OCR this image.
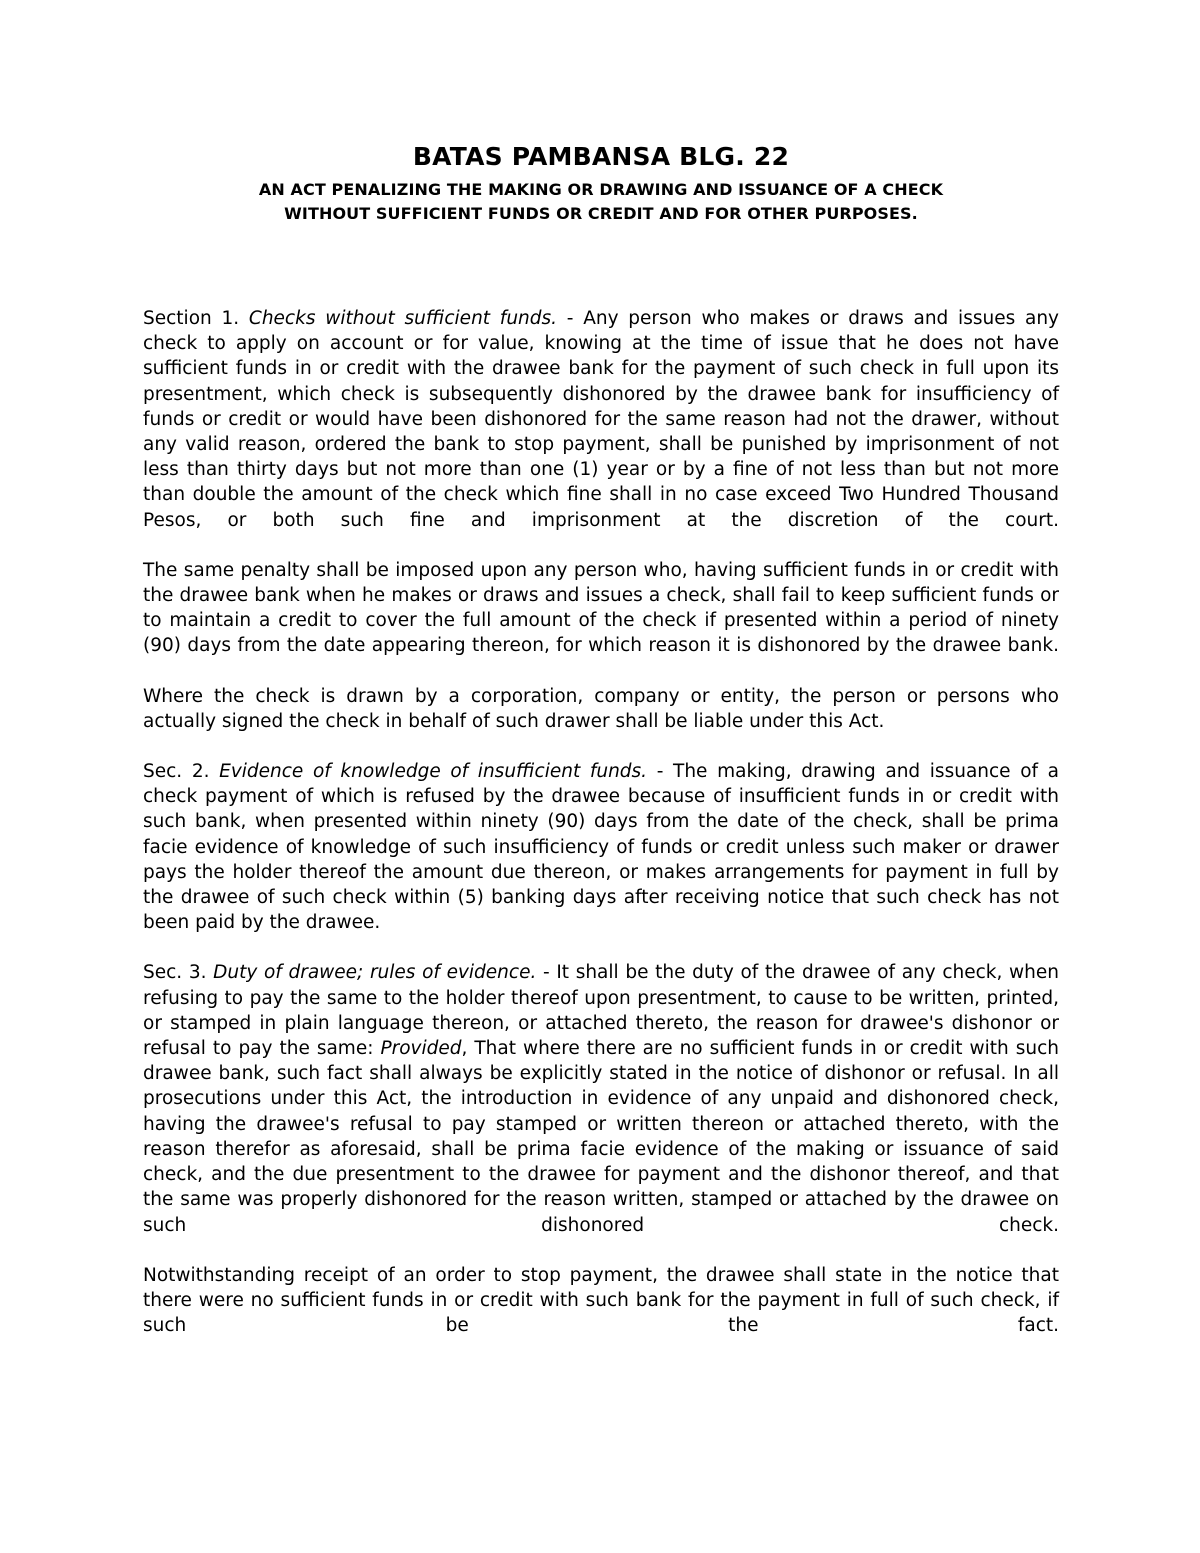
BATAS PAMBANSA BLG. 22

AN ACT PENALIZING THE MAKING OR DRAWING AND ISSUANCE OF A CHECK

WITHOUT SUFFICIENT FUNDS OR CREDIT AND FOR OTHER PURPOSES.

Section 1. Checks without sufficient funds. - Any person who makes or draws and issues any check to apply on account or for value, knowing at the time of issue that he does not have sufficient funds in or credit with the drawee bank for the payment of such check in full upon its presentment, which check is subsequently dishonored by the drawee bank for insufficiency of funds or credit or would have been dishonored for the same reason had not the drawer, without any valid reason, ordered the bank to stop payment, shall be punished by imprisonment of not less than thirty days but not more than one (1) year or by a fine of not less than but not more than double the amount of the check which fine shall in no case exceed Two Hundred Thousand Pesos, or both such fine and imprisonment at the discretion of the court.

The same penalty shall be imposed upon any person who, having sufficient funds in or credit with the drawee bank when he makes or draws and issues a check, shall fail to keep sufficient funds or to maintain a credit to cover the full amount of the check if presented within a period of ninety (90) days from the date appearing thereon, for which reason it is dishonored by the drawee bank.

Where the check is drawn by a corporation, company or entity, the person or persons who actually signed the check in behalf of such drawer shall be liable under this Act.

Sec. 2. Evidence of knowledge of insufficient funds. - The making, drawing and issuance of a check payment of which is refused by the drawee because of insufficient funds in or credit with such bank, when presented within ninety (90) days from the date of the check, shall be prima facie evidence of knowledge of such insufficiency of funds or credit unless such maker or drawer pays the holder thereof the amount due thereon, or makes arrangements for payment in full by the drawee of such check within (5) banking days after receiving notice that such check has not been paid by the drawee.

Sec. 3. Duty of drawee; rules of evidence. - It shall be the duty of the drawee of any check, when refusing to pay the same to the holder thereof upon presentment, to cause to be written, printed, or stamped in plain language thereon, or attached thereto, the reason for drawee's dishonor or refusal to pay the same: Provided, That where there are no sufficient funds in or credit with such drawee bank, such fact shall always be explicitly stated in the notice of dishonor or refusal. In all prosecutions under this Act, the introduction in evidence of any unpaid and dishonored check, having the drawee's refusal to pay stamped or written thereon or attached thereto, with the reason therefor as aforesaid, shall be prima facie evidence of the making or issuance of said check, and the due presentment to the drawee for payment and the dishonor thereof, and that the same was properly dishonored for the reason written, stamped or attached by the drawee on such dishonored check.

Notwithstanding receipt of an order to stop payment, the drawee shall state in the notice that there were no sufficient funds in or credit with such bank for the payment in full of such check, if such be the fact.
